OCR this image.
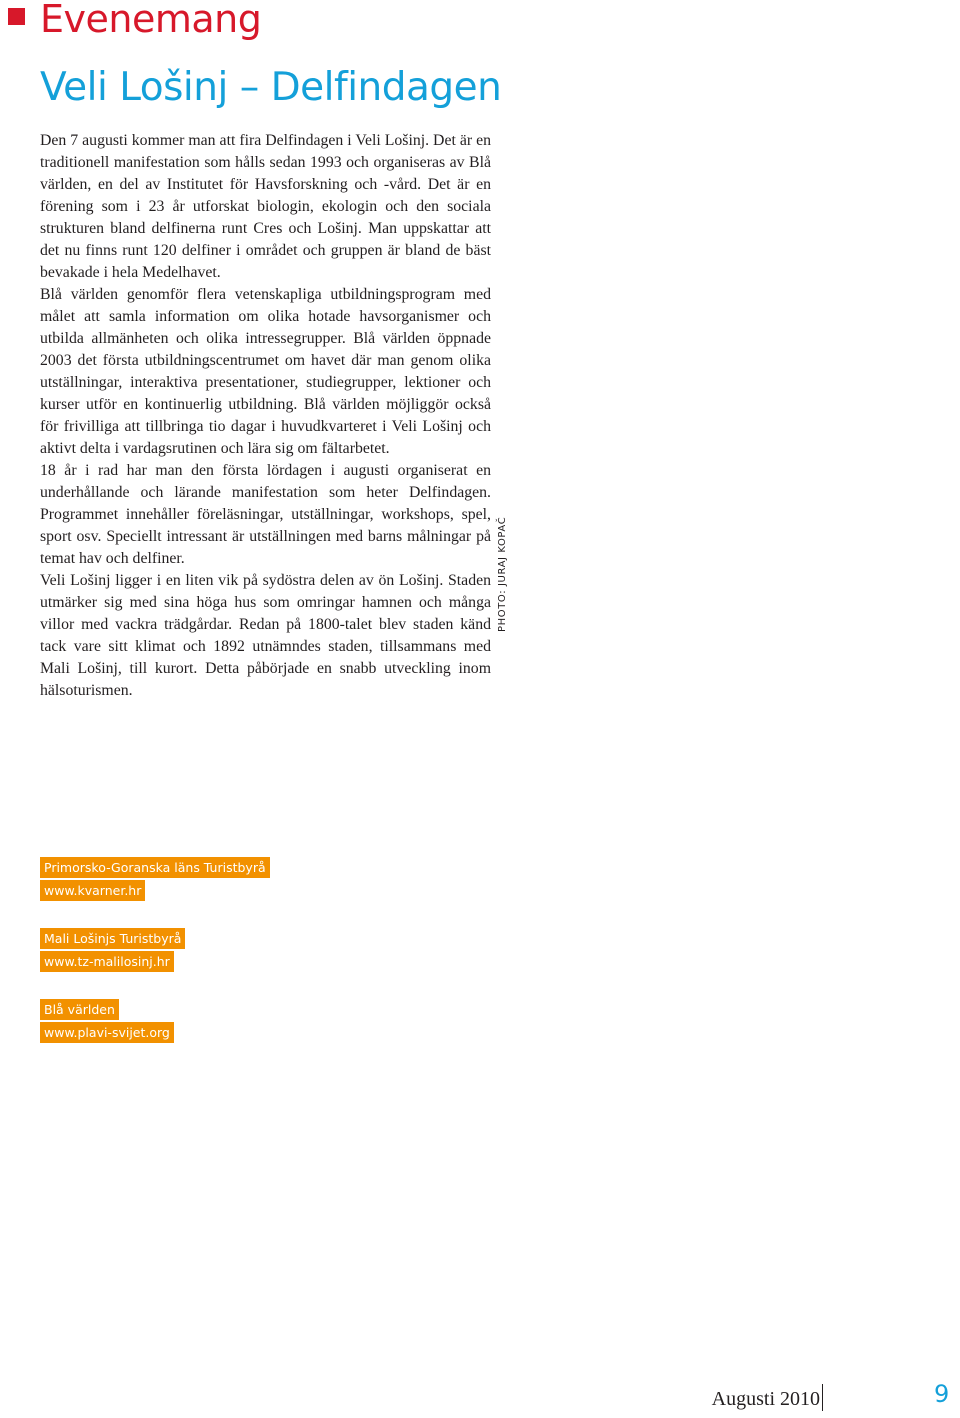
Evenemang
Veli Lošinj – Delfindagen

Den 7 augusti kommer man att fira Delfindagen i Veli Lošinj. Det är en traditionell manifestation som hålls sedan 1993 och organiseras av Blå världen, en del av Institutet för Havsforskning och -vård. Det är en förening som i 23 år utforskat biologin, ekologin och den sociala strukturen bland delfinerna runt Cres och Lošinj. Man uppskattar att det nu finns runt 120 delfiner i området och gruppen är bland de bäst bevakade i hela Medelhavet.

Blå världen genomför flera vetenskapliga utbildningsprogram med målet att samla information om olika hotade havsorganismer och utbilda allmänheten och olika intressegrupper. Blå världen öppnade 2003 det första utbildningscentrumet om havet där man genom olika utställningar, interaktiva presentationer, studiegrupper, lektioner och kurser utför en kontinuerlig utbildning. Blå världen möjliggör också för frivilliga att tillbringa tio dagar i huvudkvarteret i Veli Lošinj och aktivt delta i vardagsrutinen och lära sig om fältarbetet.

18 år i rad har man den första lördagen i augusti organiserat en underhållande och lärande manifestation som heter Delfindagen. Programmet innehåller föreläsningar, utställningar, workshops, spel, sport osv. Speciellt intressant är utställningen med barns målningar på temat hav och delfiner.

Veli Lošinj ligger i en liten vik på sydöstra delen av ön Lošinj. Staden utmärker sig med sina höga hus som omringar hamnen och många villor med vackra trädgårdar. Redan på 1800-talet blev staden känd tack vare sitt klimat och 1892 utnämndes staden, tillsammans med Mali Lošinj, till kurort. Detta påbörjade en snabb utveckling inom hälsoturismen.

PHOTO: JURAJ KOPAČ
Primorsko-Goranska läns Turistbyrå
www.kvarner.hr
Mali Lošinjs Turistbyrå
www.tz-malilosinj.hr
Blå världen
www.plavi-svijet.org
Augusti 2010	9
